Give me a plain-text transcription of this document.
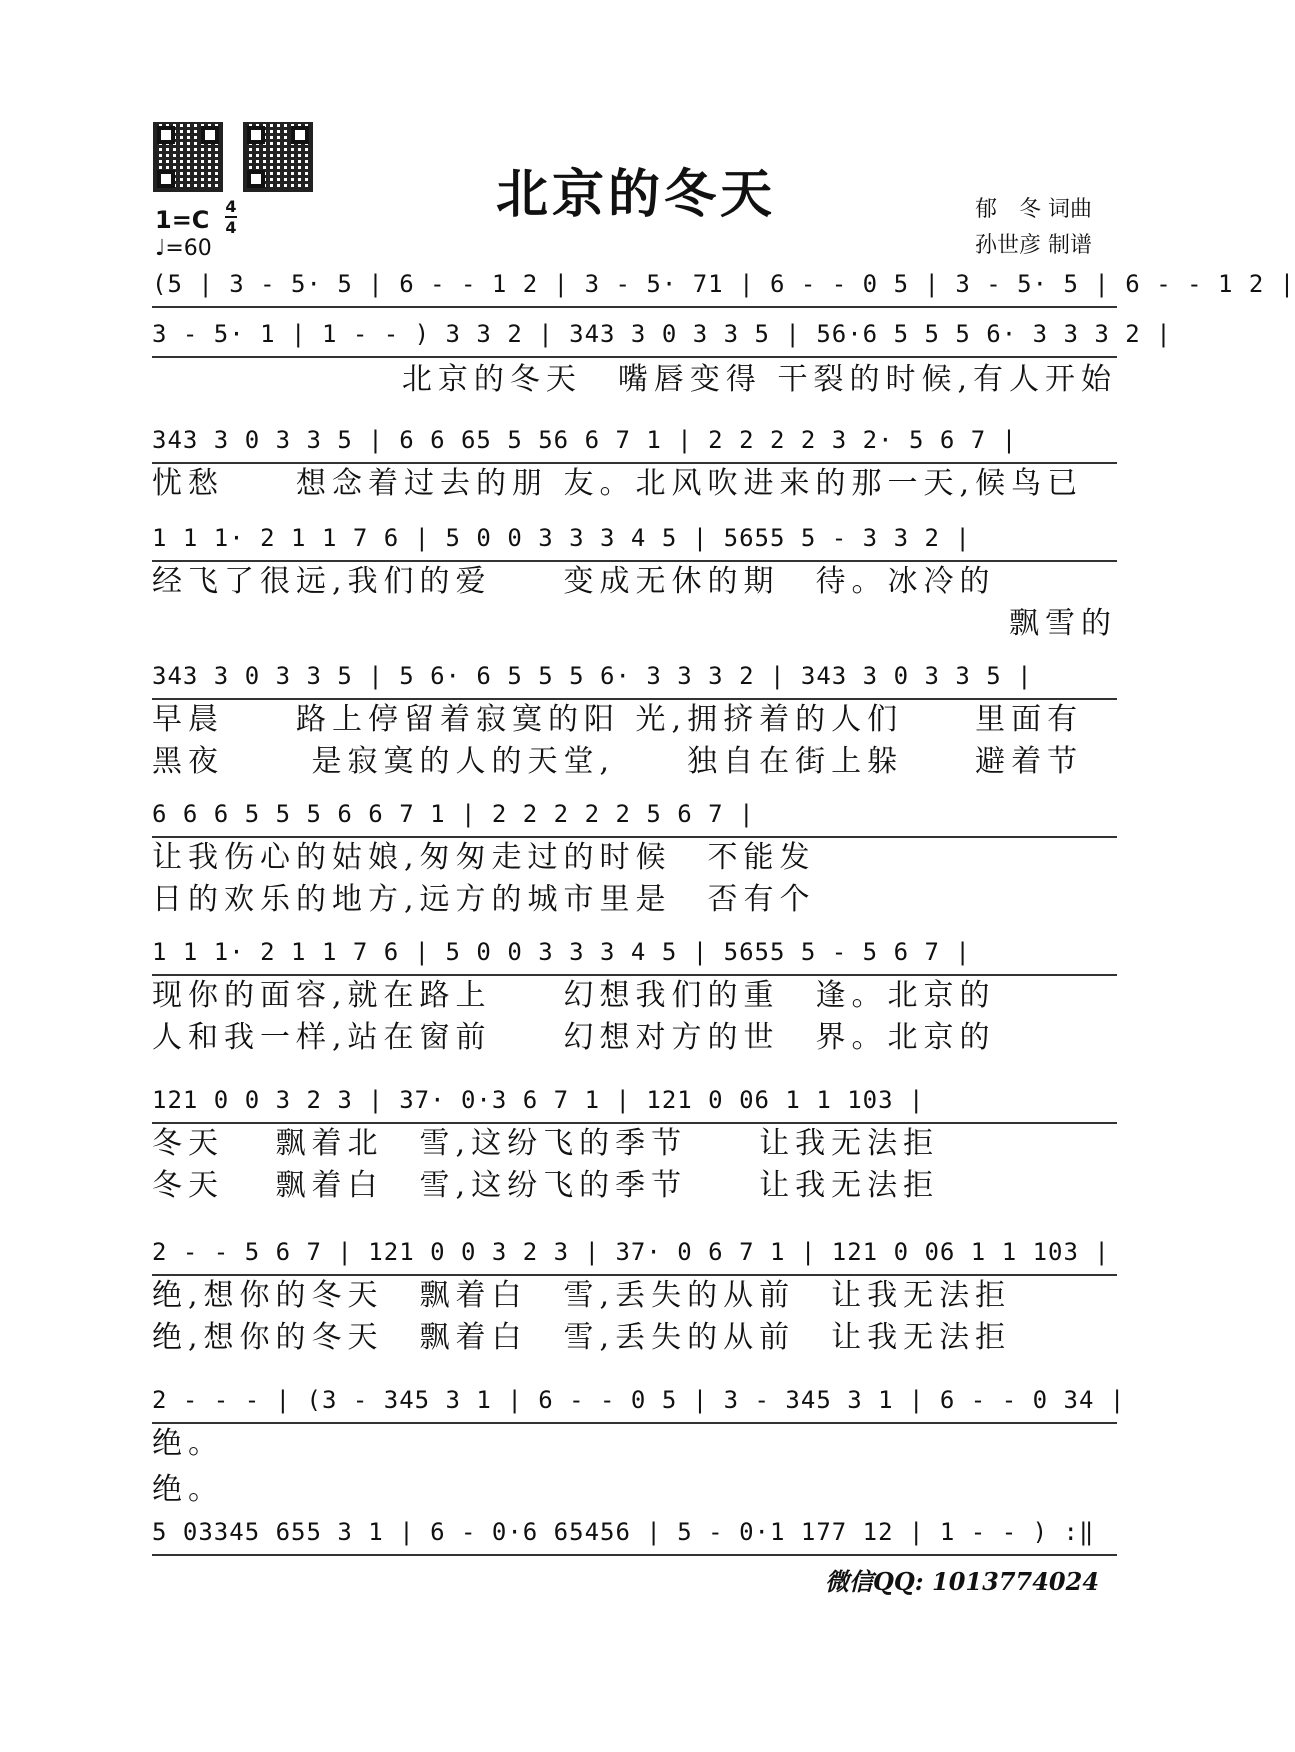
北京的冬天	郁　冬 词曲
孙世彦 制谱
1=C 4
4
♩=60
(5 | 3 - 5· 5 | 6 - - 1 2 | 3 - 5· 71 | 6 - - 0 5 | 3 - 5· 5 | 6 - - 1 2 |
3 - 5· 1 | 1 - - ) 3 3 2 | 343 3 0 3 3 5 | 56·6 5 5 5 6· 3 3 3 2 |
北京的冬天　嘴唇变得 干裂的时候,有人开始
343 3 0 3 3 5 | 6 6 65 5 56 6 7 1 | 2 2 2 2 3 2· 5 6 7 |
忧愁　　想念着过去的朋 友。北风吹进来的那一天,候鸟已
1 1 1· 2 1 1 7 6 | 5 0 0 3 3 3 4 5 | 5655 5 - 3 3 2 |
经飞了很远,我们的爱　　变成无休的期　待。冰冷的
飘雪的
343 3 0 3 3 5 | 5 6· 6 5 5 5 6· 3 3 3 2 | 343 3 0 3 3 5 |
早晨　　路上停留着寂寞的阳 光,拥挤着的人们　　里面有
黑夜　　 是寂寞的人的天堂,　　独自在街上躲　　避着节
6 6 6 5 5 5 6 6 7 1 | 2 2 2 2 2 5 6 7 |
让我伤心的姑娘,匆匆走过的时候　不能发
日的欢乐的地方,远方的城市里是　否有个
1 1 1· 2 1 1 7 6 | 5 0 0 3 3 3 4 5 | 5655 5 - 5 6 7 |
现你的面容,就在路上　　幻想我们的重　逢。北京的
人和我一样,站在窗前　　幻想对方的世　界。北京的
121 0 0 3 2 3 | 37· 0·3 6 7 1 | 121 0 06 1 1 103 |
冬天　 飘着北　雪,这纷飞的季节　　让我无法拒
冬天　 飘着白　雪,这纷飞的季节　　让我无法拒
2 - - 5 6 7 | 121 0 0 3 2 3 | 37· 0 6 7 1 | 121 0 06 1 1 103 |
绝,想你的冬天　飘着白　雪,丢失的从前　让我无法拒
绝,想你的冬天　飘着白　雪,丢失的从前　让我无法拒
2 - - - | (3 - 345 3 1 | 6 - - 0 5 | 3 - 345 3 1 | 6 - - 0 34 |
绝。
绝。
5 03345 655 3 1 | 6 - 0·6 65456 | 5 - 0·1 177 12 | 1 - - ) :‖
微信QQ: 1013774024
